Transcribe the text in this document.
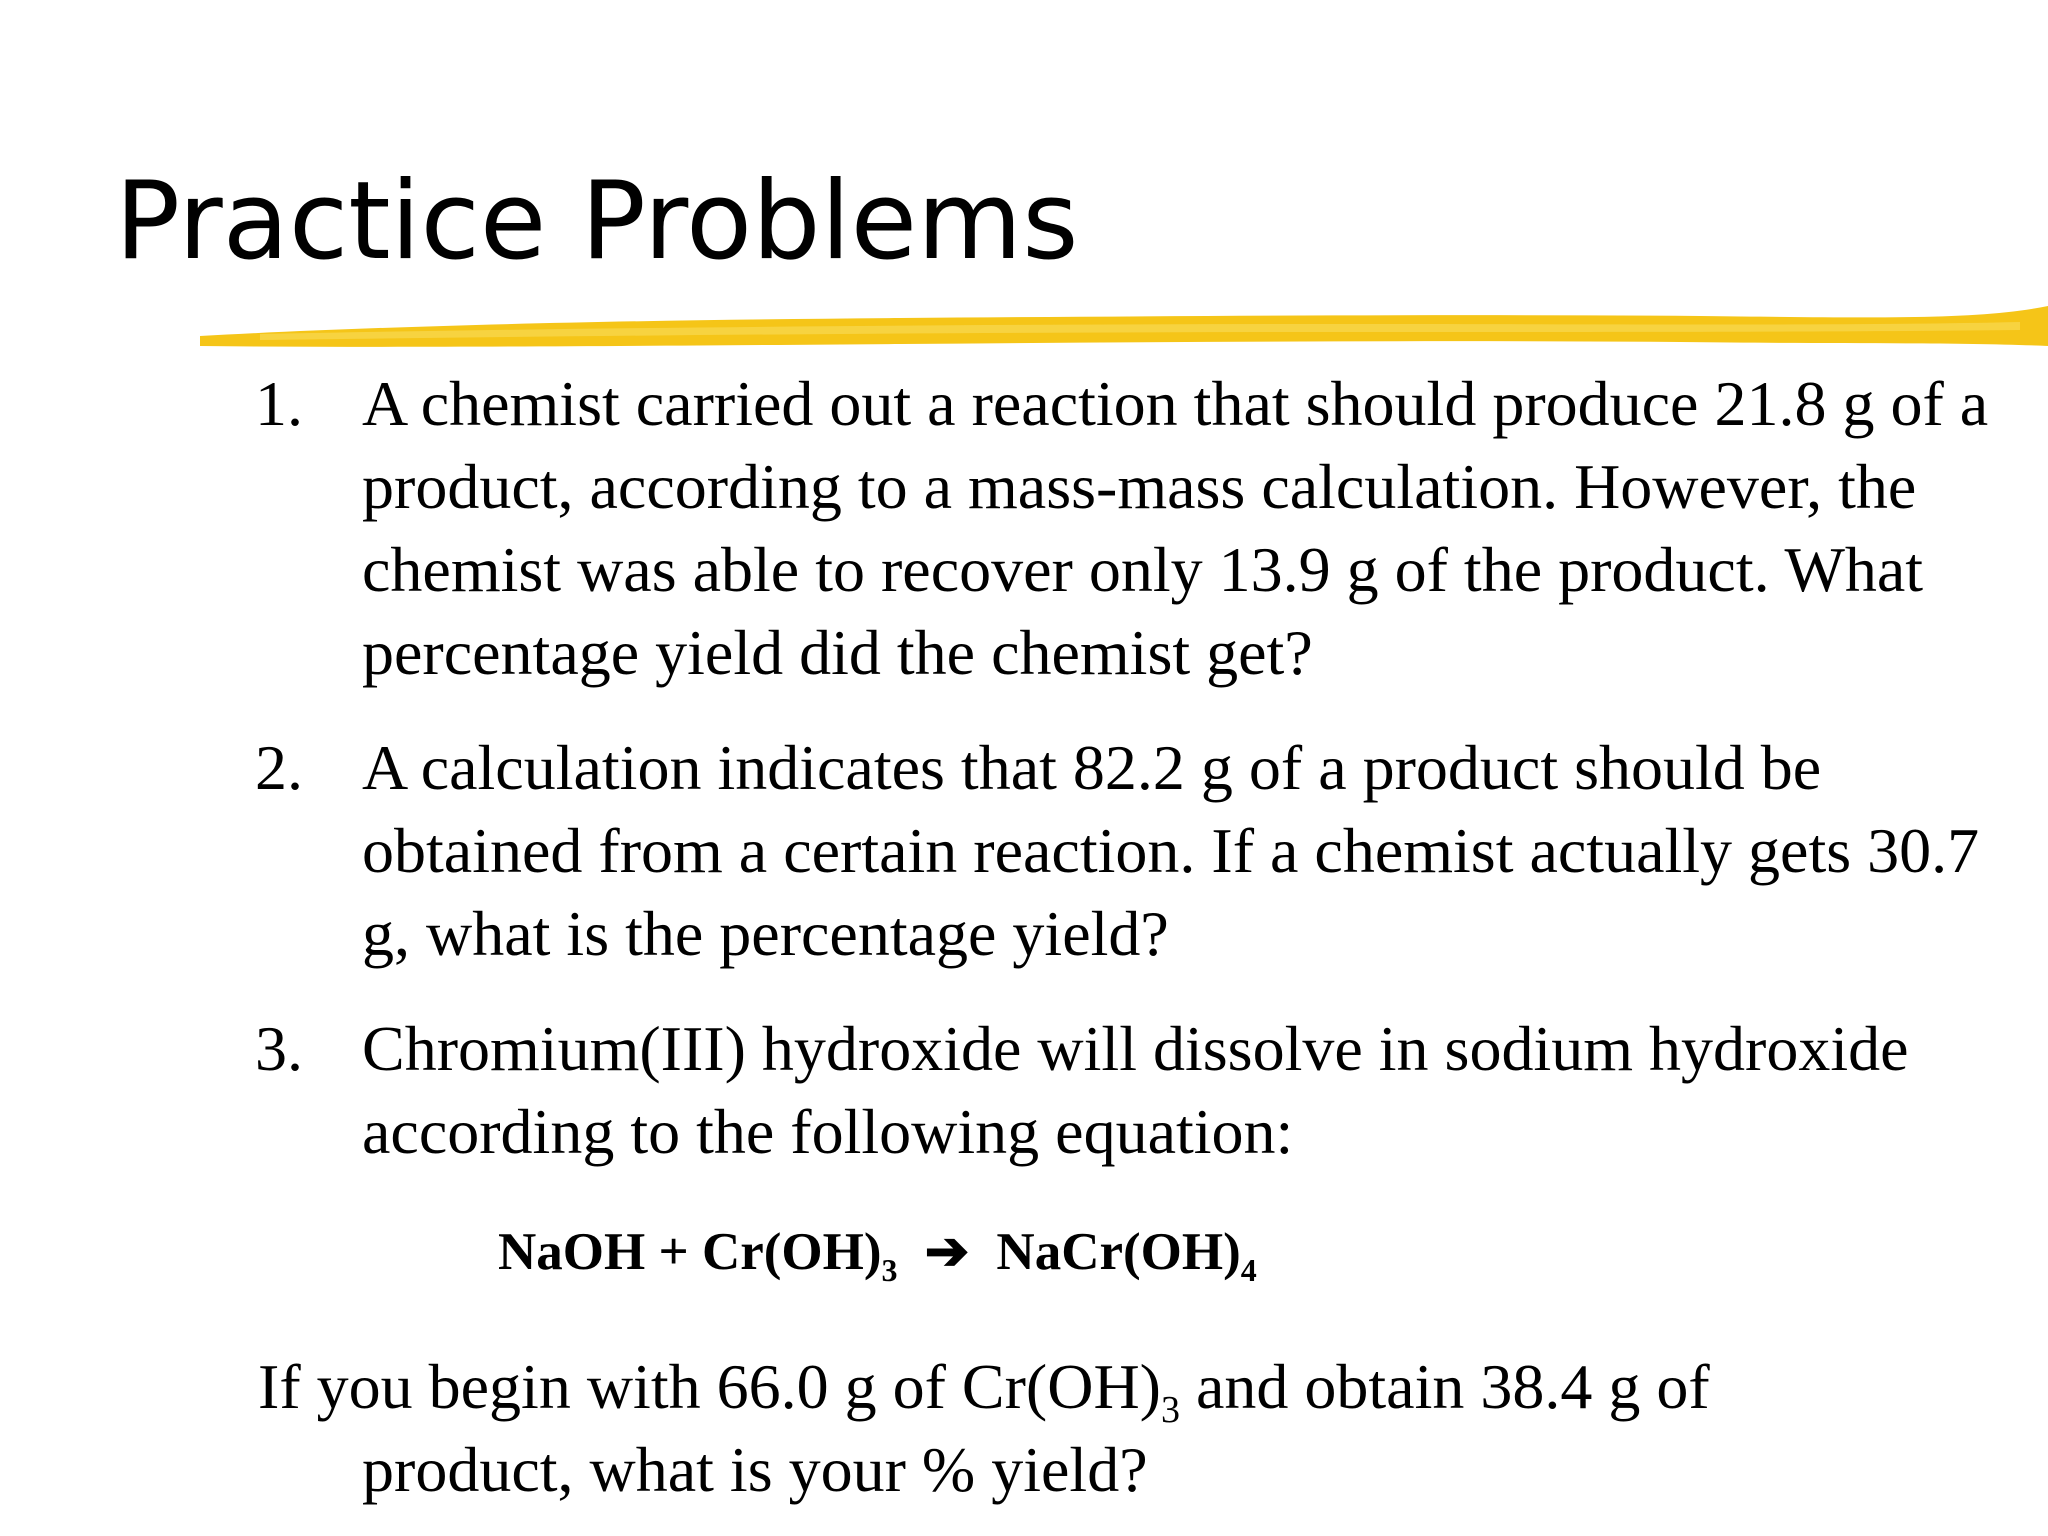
Practice Problems
1. A chemist carried out a reaction that should produce 21.8 g of a product, according to a mass-mass calculation. However, the chemist was able to recover only 13.9 g of the product. What percentage yield did the chemist get?
2. A calculation indicates that 82.2 g of a product should be obtained from a certain reaction. If a chemist actually gets 30.7 g, what is the percentage yield?
3. Chromium(III) hydroxide will dissolve in sodium hydroxide according to the following equation:
NaOH + $Cr(OH)_3$ ➔ $NaCr(OH)_4$
If you begin with 66.0 g of $Cr(OH)_3$ and obtain 38.4 g of
product, what is your % yield?
